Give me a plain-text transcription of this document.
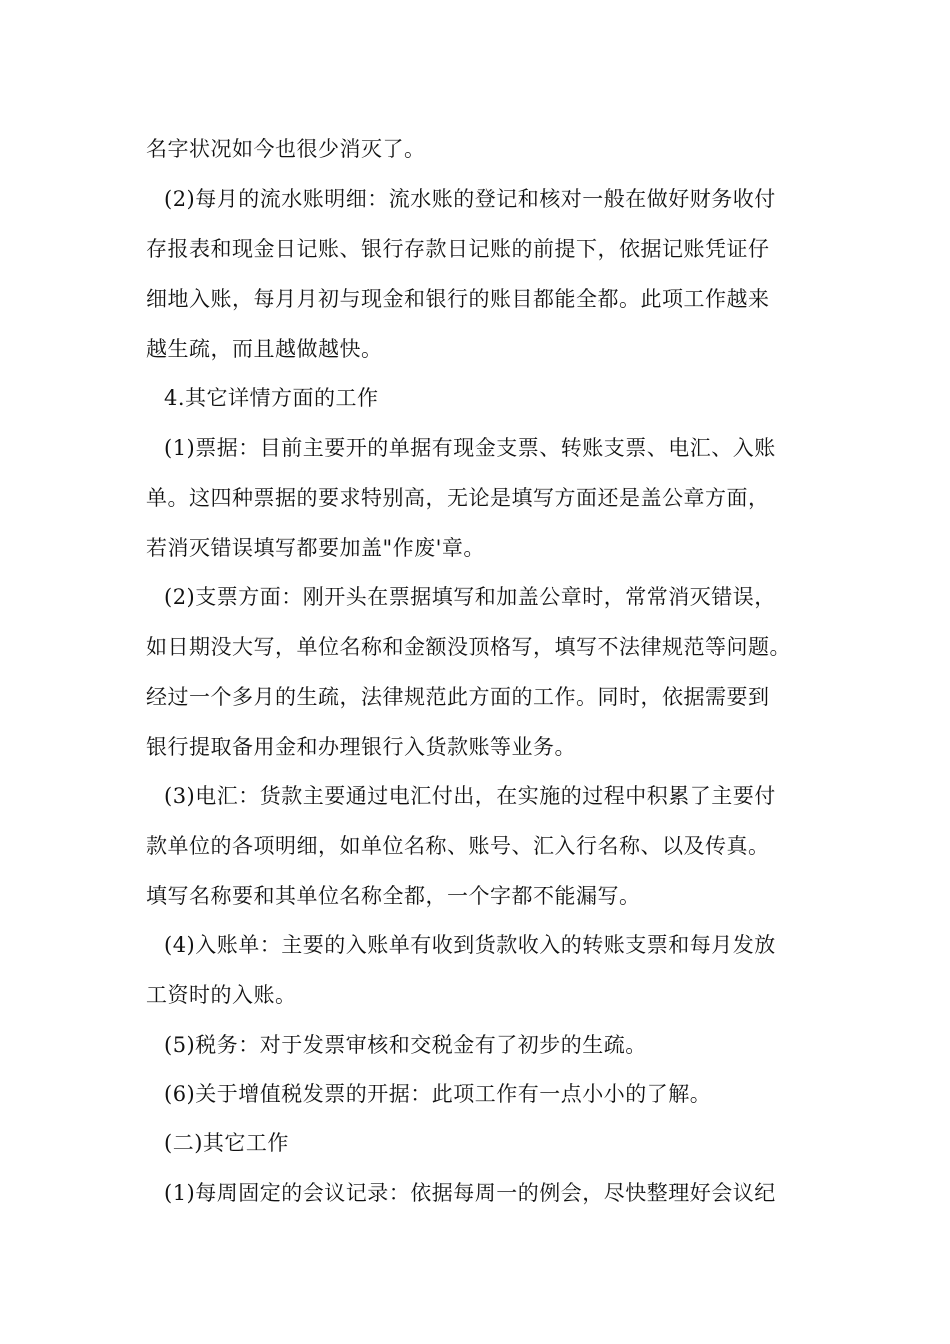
名字状况如今也很少消灭了。
(2)每月的流水账明细：流水账的登记和核对一般在做好财务收付
存报表和现金日记账、银行存款日记账的前提下，依据记账凭证仔
细地入账，每月月初与现金和银行的账目都能全都。此项工作越来
越生疏，而且越做越快。
4.其它详情方面的工作
(1)票据：目前主要开的单据有现金支票、转账支票、电汇、入账
单。这四种票据的要求特别高，无论是填写方面还是盖公章方面，
若消灭错误填写都要加盖"作废'章。
(2)支票方面：刚开头在票据填写和加盖公章时，常常消灭错误，
如日期没大写，单位名称和金额没顶格写，填写不法律规范等问题。
经过一个多月的生疏，法律规范此方面的工作。同时，依据需要到
银行提取备用金和办理银行入货款账等业务。
(3)电汇：货款主要通过电汇付出，在实施的过程中积累了主要付
款单位的各项明细，如单位名称、账号、汇入行名称、以及传真。
填写名称要和其单位名称全都，一个字都不能漏写。
(4)入账单：主要的入账单有收到货款收入的转账支票和每月发放
工资时的入账。
(5)税务：对于发票审核和交税金有了初步的生疏。
(6)关于增值税发票的开据：此项工作有一点小小的了解。
(二)其它工作
(1)每周固定的会议记录：依据每周一的例会，尽快整理好会议纪
